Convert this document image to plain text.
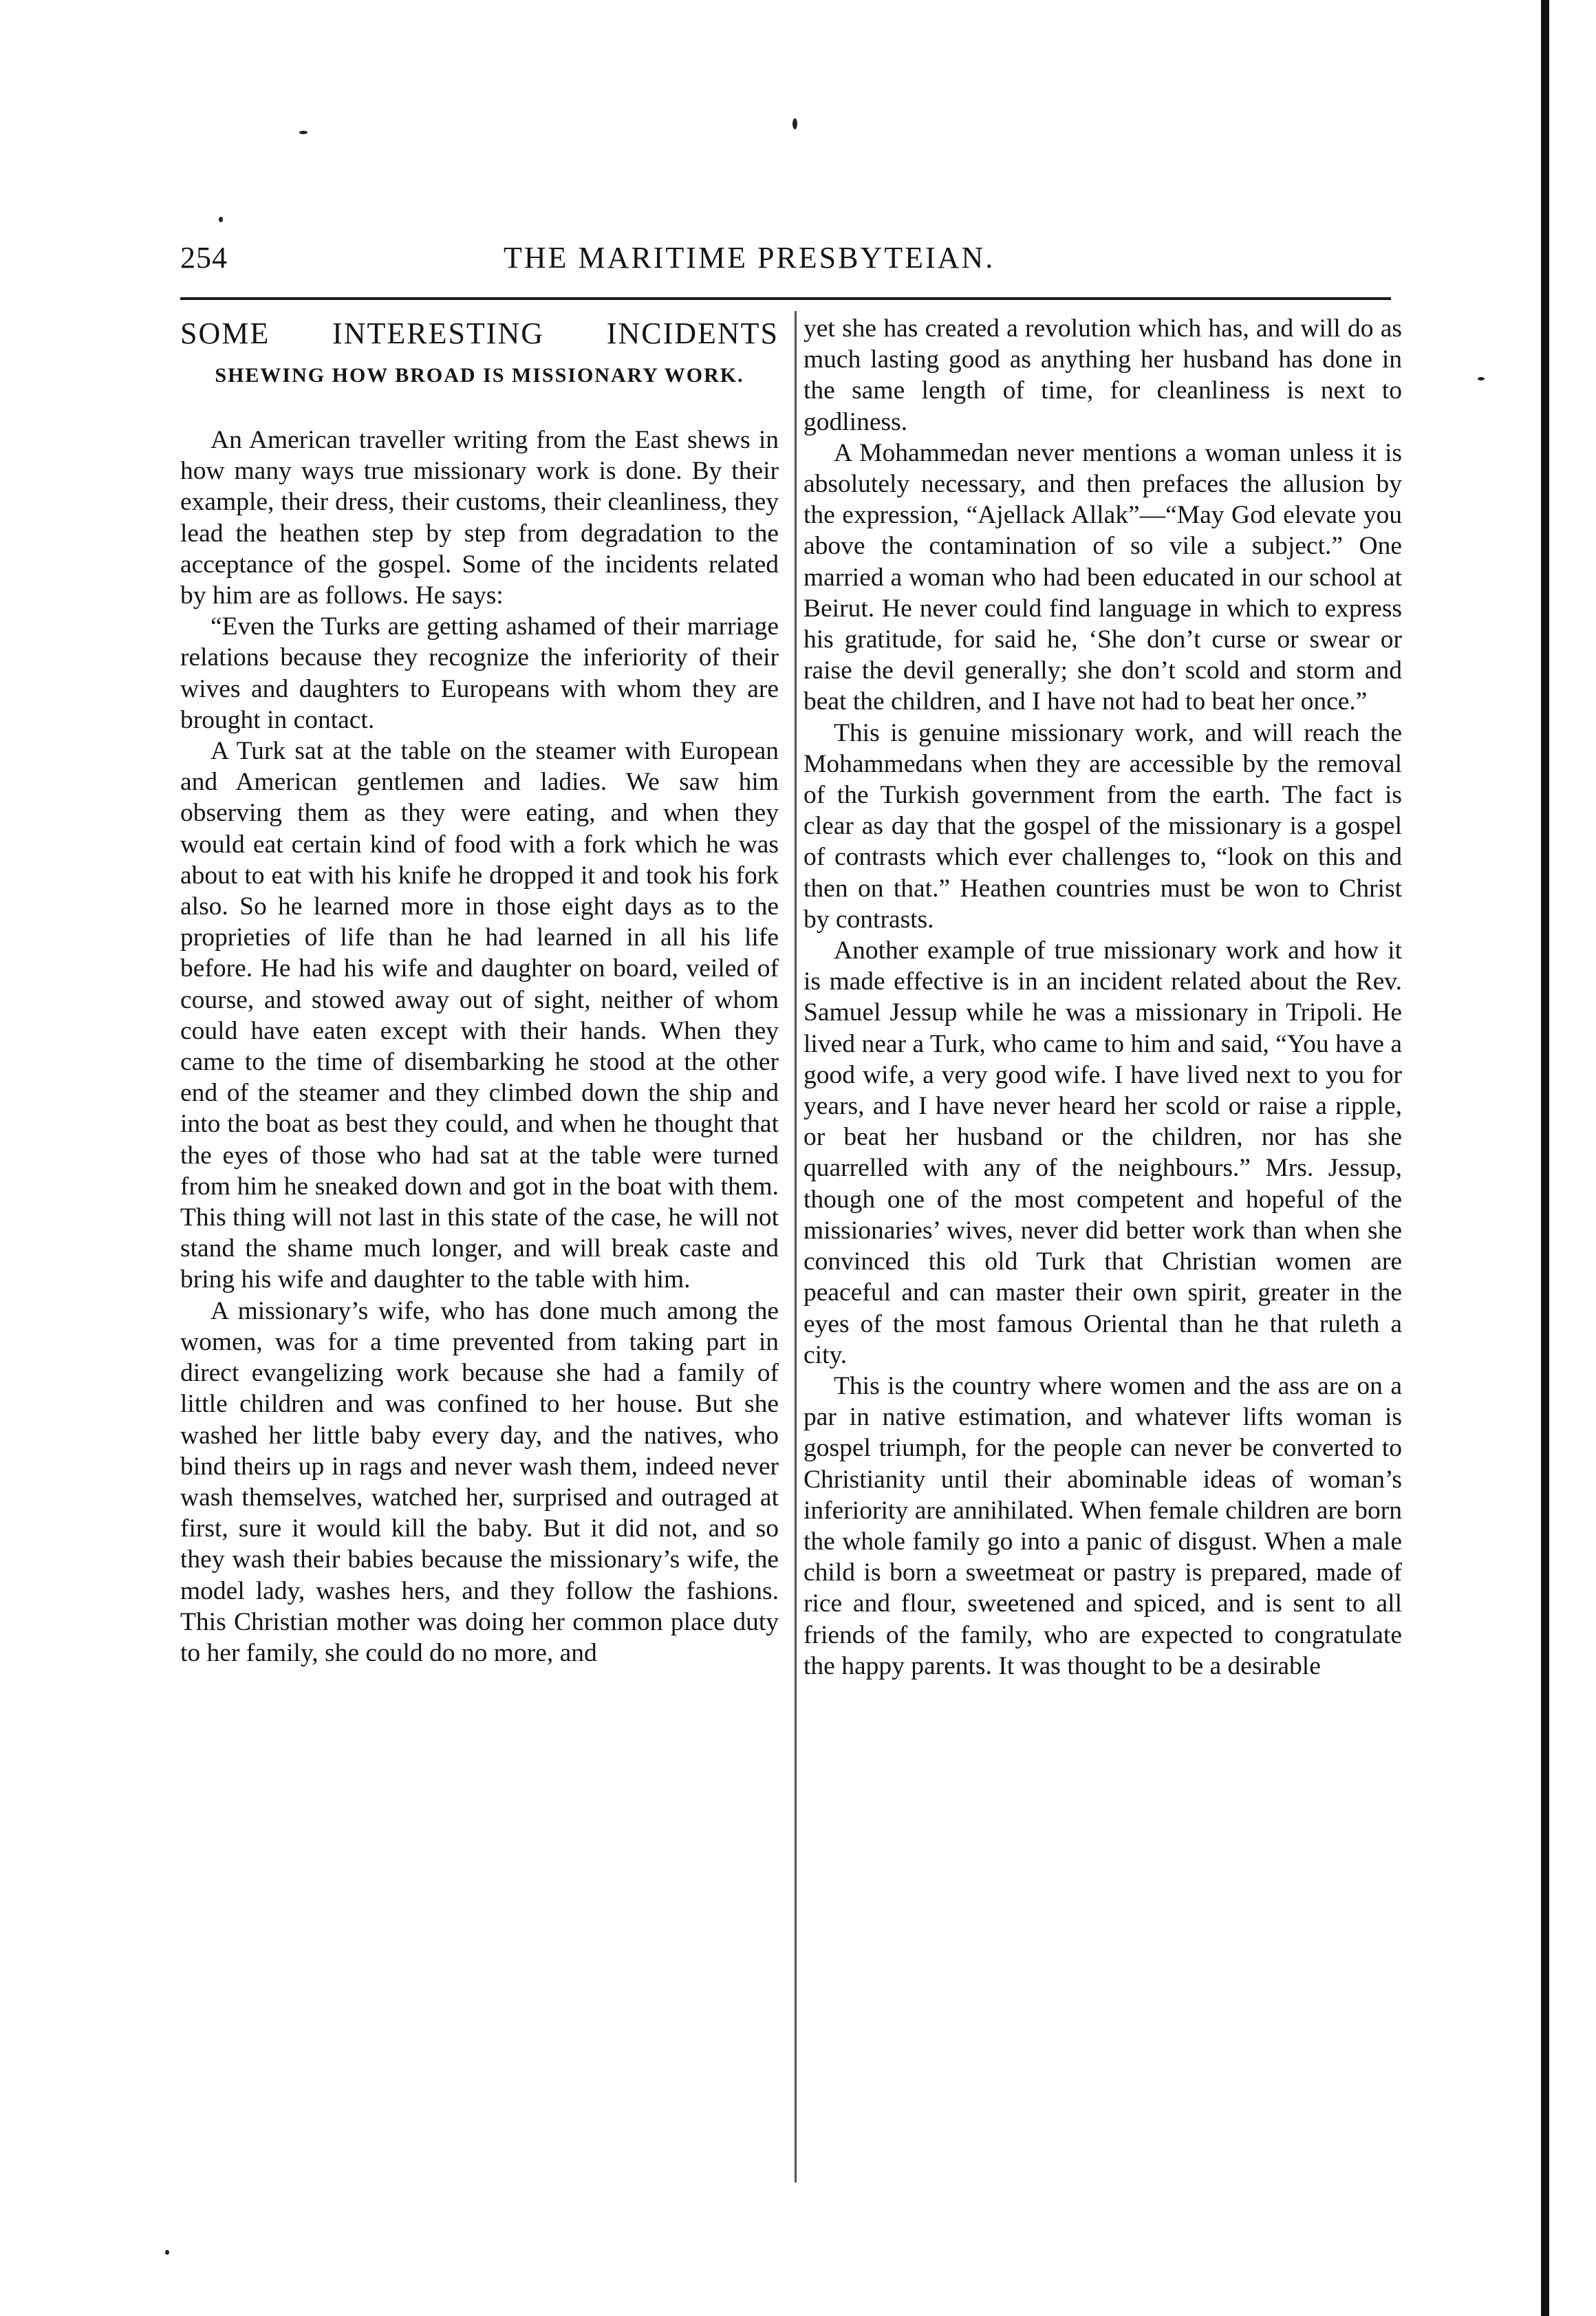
254	THE MARITIME PRESBYTEIAN.
SOME INTERESTING INCIDENTS
SHEWING HOW BROAD IS MISSIONARY WORK.

An American traveller writing from the East shews in how many ways true missionary work is done. By their example, their dress, their customs, their cleanliness, they lead the heathen step by step from degradation to the acceptance of the gospel. Some of the incidents related by him are as follows. He says:

“Even the Turks are getting ashamed of their marriage relations because they recognize the inferiority of their wives and daughters to Europeans with whom they are brought in contact.

A Turk sat at the table on the steamer with European and American gentlemen and ladies. We saw him observing them as they were eating, and when they would eat certain kind of food with a fork which he was about to eat with his knife he dropped it and took his fork also. So he learned more in those eight days as to the proprieties of life than he had learned in all his life before. He had his wife and daughter on board, veiled of course, and stowed away out of sight, neither of whom could have eaten except with their hands. When they came to the time of disembarking he stood at the other end of the steamer and they climbed down the ship and into the boat as best they could, and when he thought that the eyes of those who had sat at the table were turned from him he sneaked down and got in the boat with them. This thing will not last in this state of the case, he will not stand the shame much longer, and will break caste and bring his wife and daughter to the table with him.

A missionary’s wife, who has done much among the women, was for a time prevented from taking part in direct evangelizing work because she had a family of little children and was confined to her house. But she washed her little baby every day, and the natives, who bind theirs up in rags and never wash them, indeed never wash themselves, watched her, surprised and outraged at first, sure it would kill the baby. But it did not, and so they wash their babies because the missionary’s wife, the model lady, washes hers, and they follow the fashions. This Christian mother was doing her common place duty to her family, she could do no more, and

yet she has created a revolution which has, and will do as much lasting good as anything her husband has done in the same length of time, for cleanliness is next to godliness.

A Mohammedan never mentions a woman unless it is absolutely necessary, and then prefaces the allusion by the expression, “Ajellack Allak”—“May God elevate you above the contamination of so vile a subject.” One married a woman who had been educated in our school at Beirut. He never could find language in which to express his gratitude, for said he, ‘She don’t curse or swear or raise the devil generally; she don’t scold and storm and beat the children, and I have not had to beat her once.”

This is genuine missionary work, and will reach the Mohammedans when they are accessible by the removal of the Turkish government from the earth. The fact is clear as day that the gospel of the missionary is a gospel of contrasts which ever challenges to, “look on this and then on that.” Heathen countries must be won to Christ by contrasts.

Another example of true missionary work and how it is made effective is in an incident related about the Rev. Samuel Jessup while he was a missionary in Tripoli. He lived near a Turk, who came to him and said, “You have a good wife, a very good wife. I have lived next to you for years, and I have never heard her scold or raise a ripple, or beat her husband or the children, nor has she quarrelled with any of the neighbours.” Mrs. Jessup, though one of the most competent and hopeful of the missionaries’ wives, never did better work than when she convinced this old Turk that Christian women are peaceful and can master their own spirit, greater in the eyes of the most famous Oriental than he that ruleth a city.

This is the country where women and the ass are on a par in native estimation, and whatever lifts woman is gospel triumph, for the people can never be converted to Christianity until their abominable ideas of woman’s inferiority are annihilated. When female children are born the whole family go into a panic of disgust. When a male child is born a sweetmeat or pastry is prepared, made of rice and flour, sweetened and spiced, and is sent to all friends of the family, who are expected to congratulate the happy parents. It was thought to be a desirable
